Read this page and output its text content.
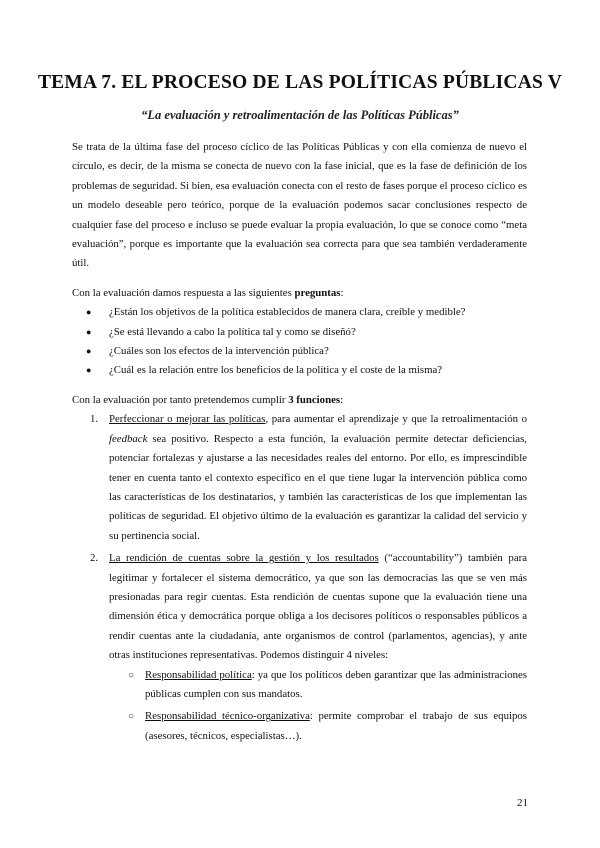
TEMA 7. EL PROCESO DE LAS POLÍTICAS PÚBLICAS V
“La evaluación y retroalimentación de las Políticas Públicas”

Se trata de la última fase del proceso cíclico de las Políticas Públicas y con ella comienza de nuevo el círculo, es decir, de la misma se conecta de nuevo con la fase inicial, que es la fase de definición de los problemas de seguridad. Si bien, esa evaluación conecta con el resto de fases porque el proceso cíclico es un modelo deseable pero teórico, porque de la evaluación podemos sacar conclusiones respecto de cualquier fase del proceso e incluso se puede evaluar la propia evaluación, lo que se conoce como “meta evaluación”, porque es importante que la evaluación sea correcta para que sea también verdaderamente útil.

Con la evaluación damos respuesta a las siguientes preguntas:

● ¿Están los objetivos de la política establecidos de manera clara, creíble y medible?
● ¿Se está llevando a cabo la política tal y como se diseñó?
● ¿Cuáles son los efectos de la intervención pública?
● ¿Cuál es la relación entre los beneficios de la política y el coste de la misma?

Con la evaluación por tanto pretendemos cumplir 3 funciones:

1. Perfeccionar o mejorar las políticas, para aumentar el aprendizaje y que la retroalimentación o feedback sea positivo. Respecto a esta función, la evaluación permite detectar deficiencias, potenciar fortalezas y ajustarse a las necesidades reales del entorno. Por ello, es imprescindible tener en cuenta tanto el contexto específico en el que tiene lugar la intervención pública como las características de los destinatarios, y también las características de los que implementan las políticas de seguridad. El objetivo último de la evaluación es garantizar la calidad del servicio y su pertinencia social.
2. La rendición de cuentas sobre la gestión y los resultados (“accountability”) también para legitimar y fortalecer el sistema democrático, ya que son las democracias las que se ven más presionadas para regir cuentas. Esta rendición de cuentas supone que la evaluación tiene una dimensión ética y democrática porque obliga a los decisores políticos o responsables públicos a rendir cuentas ante la ciudadanía, ante organismos de control (parlamentos, agencias), y ante otras instituciones representativas. Podemos distinguir 4 niveles:
○ Responsabilidad política: ya que los políticos deben garantizar que las administraciones públicas cumplen con sus mandatos.
○ Responsabilidad técnico-organizativa: permite comprobar el trabajo de sus equipos (asesores, técnicos, especialistas…).
21
